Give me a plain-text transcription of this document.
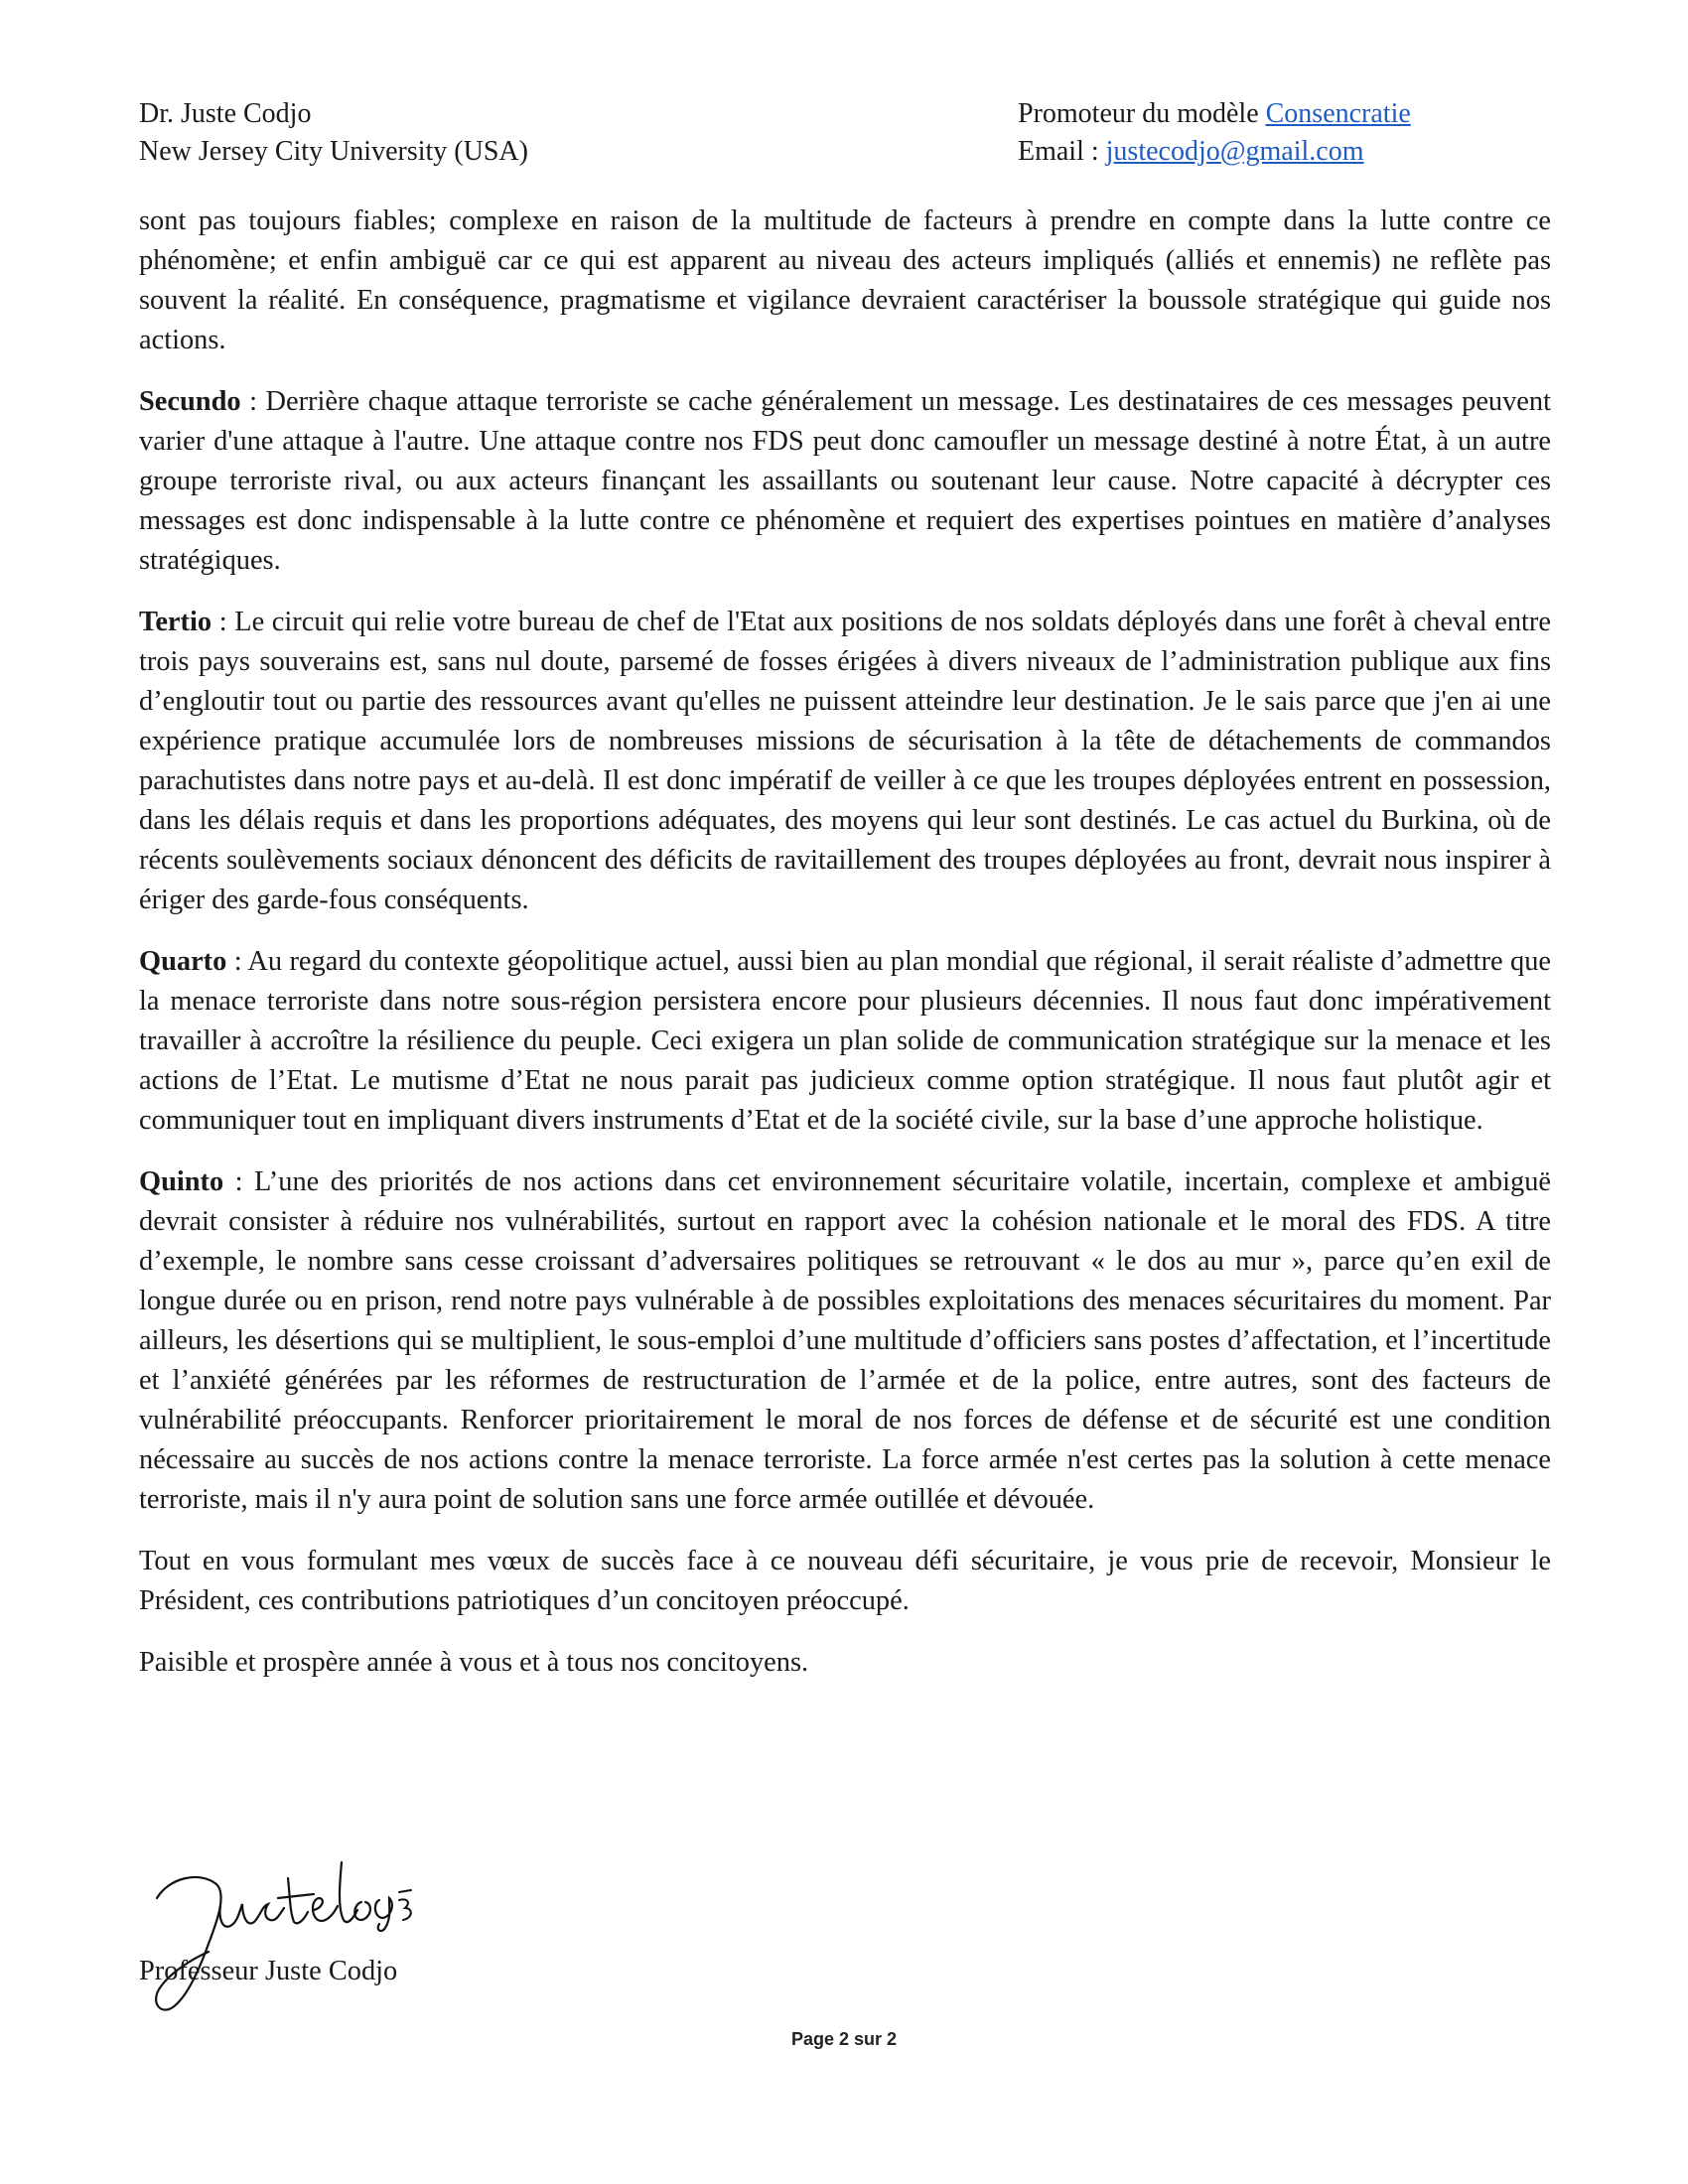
Dr. Juste Codjo
New Jersey City University (USA)
Promoteur du modèle Consencratie
Email : justecodjo@gmail.com

sont pas toujours fiables; complexe en raison de la multitude de facteurs à prendre en compte dans la lutte contre ce phénomène; et enfin ambiguë car ce qui est apparent au niveau des acteurs impliqués (alliés et ennemis) ne reflète pas souvent la réalité. En conséquence, pragmatisme et vigilance devraient caractériser la boussole stratégique qui guide nos actions.

Secundo : Derrière chaque attaque terroriste se cache généralement un message. Les destinataires de ces messages peuvent varier d'une attaque à l'autre. Une attaque contre nos FDS peut donc camoufler un message destiné à notre État, à un autre groupe terroriste rival, ou aux acteurs finançant les assaillants ou soutenant leur cause. Notre capacité à décrypter ces messages est donc indispensable à la lutte contre ce phénomène et requiert des expertises pointues en matière d’analyses stratégiques.

Tertio : Le circuit qui relie votre bureau de chef de l'Etat aux positions de nos soldats déployés dans une forêt à cheval entre trois pays souverains est, sans nul doute, parsemé de fosses érigées à divers niveaux de l’administration publique aux fins d’engloutir tout ou partie des ressources avant qu'elles ne puissent atteindre leur destination. Je le sais parce que j'en ai une expérience pratique accumulée lors de nombreuses missions de sécurisation à la tête de détachements de commandos parachutistes dans notre pays et au-delà. Il est donc impératif de veiller à ce que les troupes déployées entrent en possession, dans les délais requis et dans les proportions adéquates, des moyens qui leur sont destinés. Le cas actuel du Burkina, où de récents soulèvements sociaux dénoncent des déficits de ravitaillement des troupes déployées au front, devrait nous inspirer à ériger des garde-fous conséquents.

Quarto : Au regard du contexte géopolitique actuel, aussi bien au plan mondial que régional, il serait réaliste d’admettre que la menace terroriste dans notre sous-région persistera encore pour plusieurs décennies. Il nous faut donc impérativement travailler à accroître la résilience du peuple. Ceci exigera un plan solide de communication stratégique sur la menace et les actions de l’Etat. Le mutisme d’Etat ne nous parait pas judicieux comme option stratégique. Il nous faut plutôt agir et communiquer tout en impliquant divers instruments d’Etat et de la société civile, sur la base d’une approche holistique.

Quinto : L’une des priorités de nos actions dans cet environnement sécuritaire volatile, incertain, complexe et ambiguë devrait consister à réduire nos vulnérabilités, surtout en rapport avec la cohésion nationale et le moral des FDS. A titre d’exemple, le nombre sans cesse croissant d’adversaires politiques se retrouvant « le dos au mur », parce qu’en exil de longue durée ou en prison, rend notre pays vulnérable à de possibles exploitations des menaces sécuritaires du moment. Par ailleurs, les désertions qui se multiplient, le sous-emploi d’une multitude d’officiers sans postes d’affectation, et l’incertitude et l’anxiété générées par les réformes de restructuration de l’armée et de la police, entre autres, sont des facteurs de vulnérabilité préoccupants. Renforcer prioritairement le moral de nos forces de défense et de sécurité est une condition nécessaire au succès de nos actions contre la menace terroriste. La force armée n'est certes pas la solution à cette menace terroriste, mais il n'y aura point de solution sans une force armée outillée et dévouée.

Tout en vous formulant mes vœux de succès face à ce nouveau défi sécuritaire, je vous prie de recevoir, Monsieur le Président, ces contributions patriotiques d’un concitoyen préoccupé.

Paisible et prospère année à vous et à tous nos concitoyens.

Professeur Juste Codjo
Page 2 sur 2
